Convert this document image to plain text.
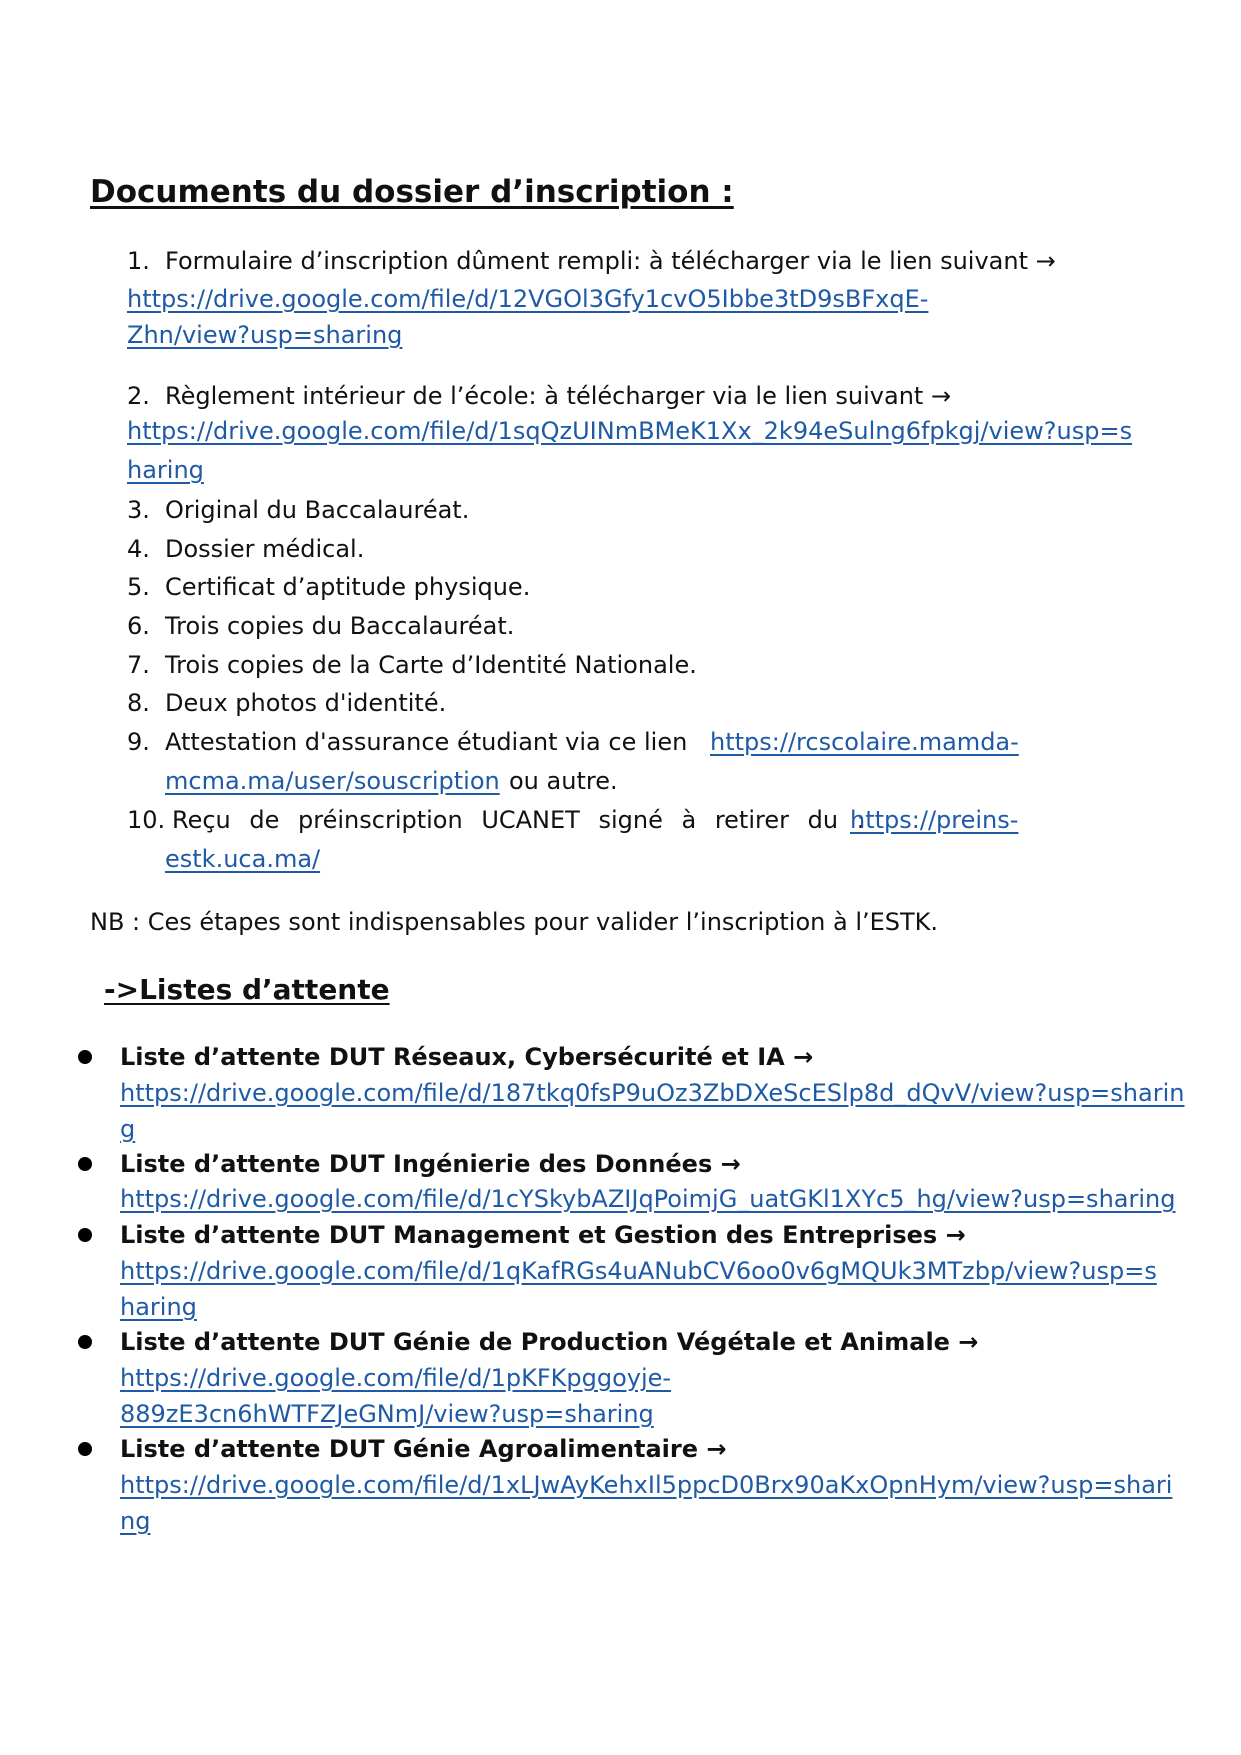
Documents du dossier d’inscription :
1. Formulaire d’inscription dûment rempli: à télécharger via le lien suivant →
https://drive.google.com/file/d/12VGOl3Gfy1cvO5Ibbe3tD9sBFxqE-
Zhn/view?usp=sharing
2. Règlement intérieur de l’école: à télécharger via le lien suivant →
https://drive.google.com/file/d/1sqQzUINmBMeK1Xx_2k94eSulng6fpkgj/view?usp=s
haring
3. Original du Baccalauréat.
4. Dossier médical.
5. Certificat d’aptitude physique.
6. Trois copies du Baccalauréat.
7. Trois copies de la Carte d’Identité Nationale.
8. Deux photos d'identité.
9. Attestation d'assurance étudiant via ce lien https://rcscolaire.mamda-
mcma.ma/user/souscription ou autre.
10. Reçu de préinscription UCANET signé à retirer du :
https://preins-
estk.uca.ma/
NB : Ces étapes sont indispensables pour valider l’inscription à l’ESTK.
->Listes d’attente
Liste d’attente DUT Réseaux, Cybersécurité et IA →
https://drive.google.com/file/d/187tkq0fsP9uOz3ZbDXeScESlp8d_dQvV/view?usp=sharin
g
Liste d’attente DUT Ingénierie des Données →
https://drive.google.com/file/d/1cYSkybAZIJqPoimjG_uatGKl1XYc5_hg/view?usp=sharing
Liste d’attente DUT Management et Gestion des Entreprises →
https://drive.google.com/file/d/1qKafRGs4uANubCV6oo0v6gMQUk3MTzbp/view?usp=s
haring
Liste d’attente DUT Génie de Production Végétale et Animale →
https://drive.google.com/file/d/1pKFKpggoyje-
889zE3cn6hWTFZJeGNmJ/view?usp=sharing
Liste d’attente DUT Génie Agroalimentaire →
https://drive.google.com/file/d/1xLJwAyKehxIl5ppcD0Brx90aKxOpnHym/view?usp=shari
ng
